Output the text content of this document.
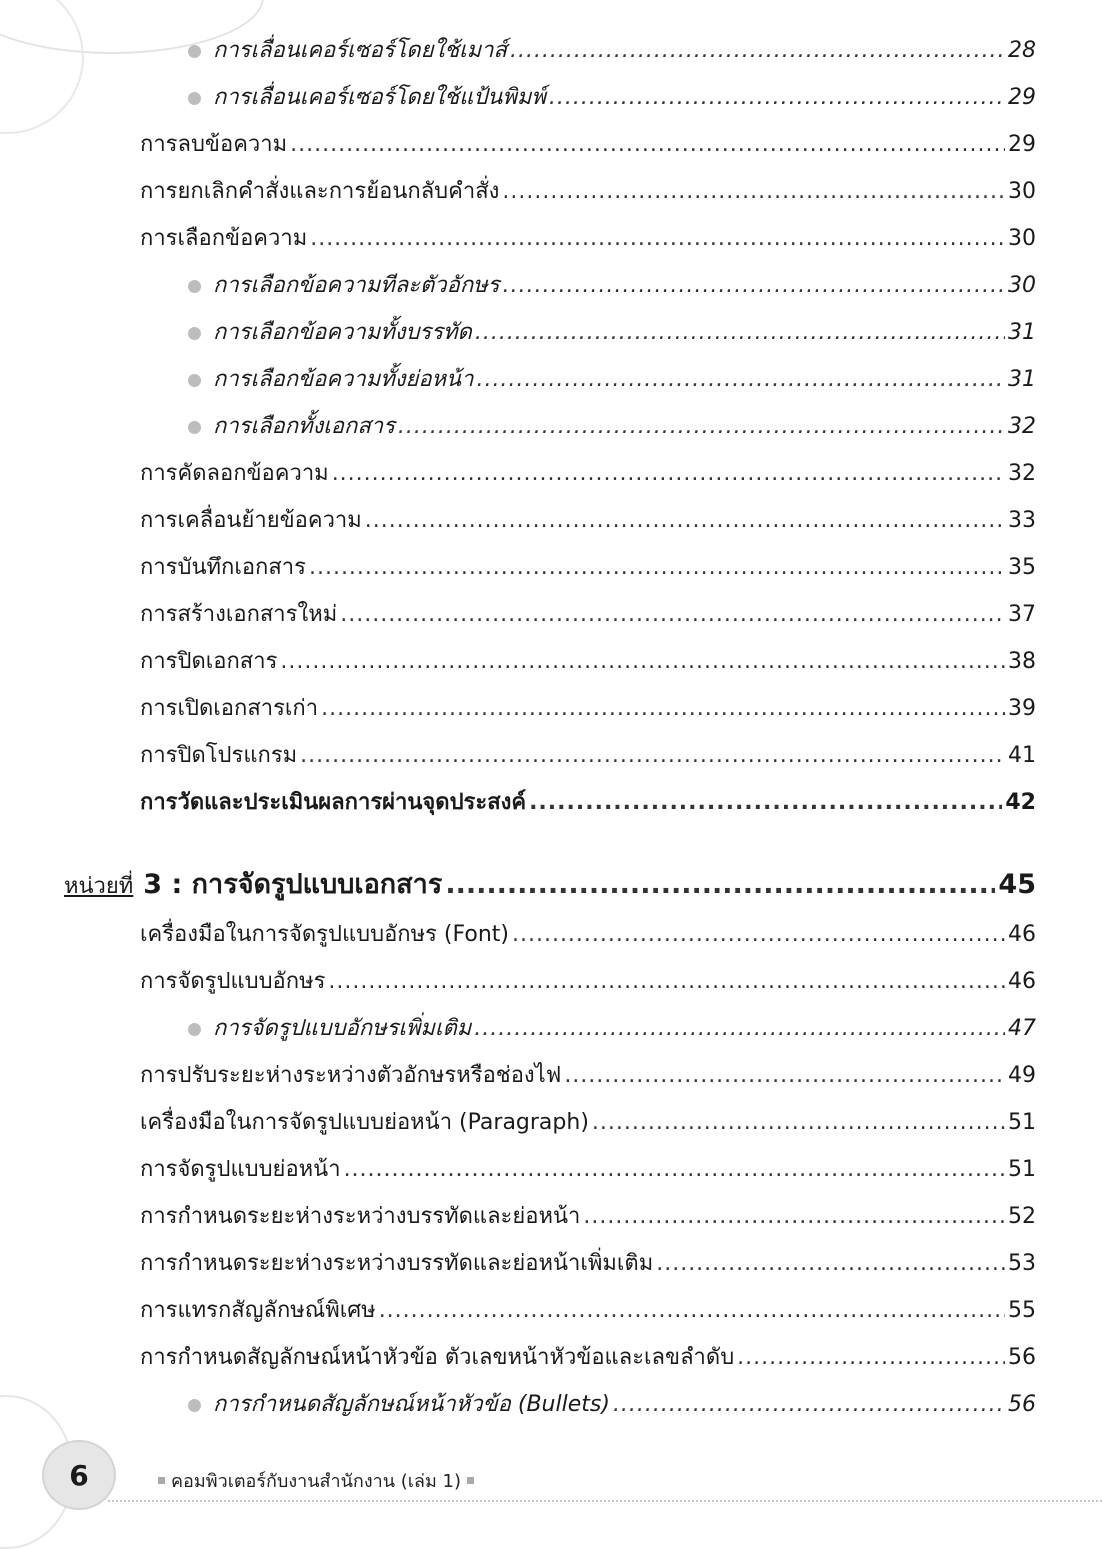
การเลื่อนเคอร์เซอร์โดยใช้เมาส์ .....	28
การเลื่อนเคอร์เซอร์โดยใช้แป้นพิมพ์ .....	29
การลบข้อความ .....	29
การยกเลิกคำสั่งและการย้อนกลับคำสั่ง .....	30
การเลือกข้อความ .....	30
การเลือกข้อความทีละตัวอักษร .....	30
การเลือกข้อความทั้งบรรทัด .....	31
การเลือกข้อความทั้งย่อหน้า .....	31
การเลือกทั้งเอกสาร .....	32
การคัดลอกข้อความ .....	32
การเคลื่อนย้ายข้อความ .....	33
การบันทึกเอกสาร .....	35
การสร้างเอกสารใหม่ .....	37
การปิดเอกสาร .....	38
การเปิดเอกสารเก่า .....	39
การปิดโปรแกรม .....	41
การวัดและประเมินผลการผ่านจุดประสงค์ .....	42
หน่วยที่ 3 : การจัดรูปแบบเอกสาร .....	45
เครื่องมือในการจัดรูปแบบอักษร (Font) .....	46
การจัดรูปแบบอักษร .....	46
การจัดรูปแบบอักษรเพิ่มเติม .....	47
การปรับระยะห่างระหว่างตัวอักษรหรือช่องไฟ .....	49
เครื่องมือในการจัดรูปแบบย่อหน้า (Paragraph) .....	51
การจัดรูปแบบย่อหน้า .....	51
การกำหนดระยะห่างระหว่างบรรทัดและย่อหน้า .....	52
การกำหนดระยะห่างระหว่างบรรทัดและย่อหน้าเพิ่มเติม .....	53
การแทรกสัญลักษณ์พิเศษ .....	55
การกำหนดสัญลักษณ์หน้าหัวข้อ ตัวเลขหน้าหัวข้อและเลขลำดับ .....	56
การกำหนดสัญลักษณ์หน้าหัวข้อ (Bullets) .....	56
6	คอมพิวเตอร์กับงานสำนักงาน (เล่ม 1)
